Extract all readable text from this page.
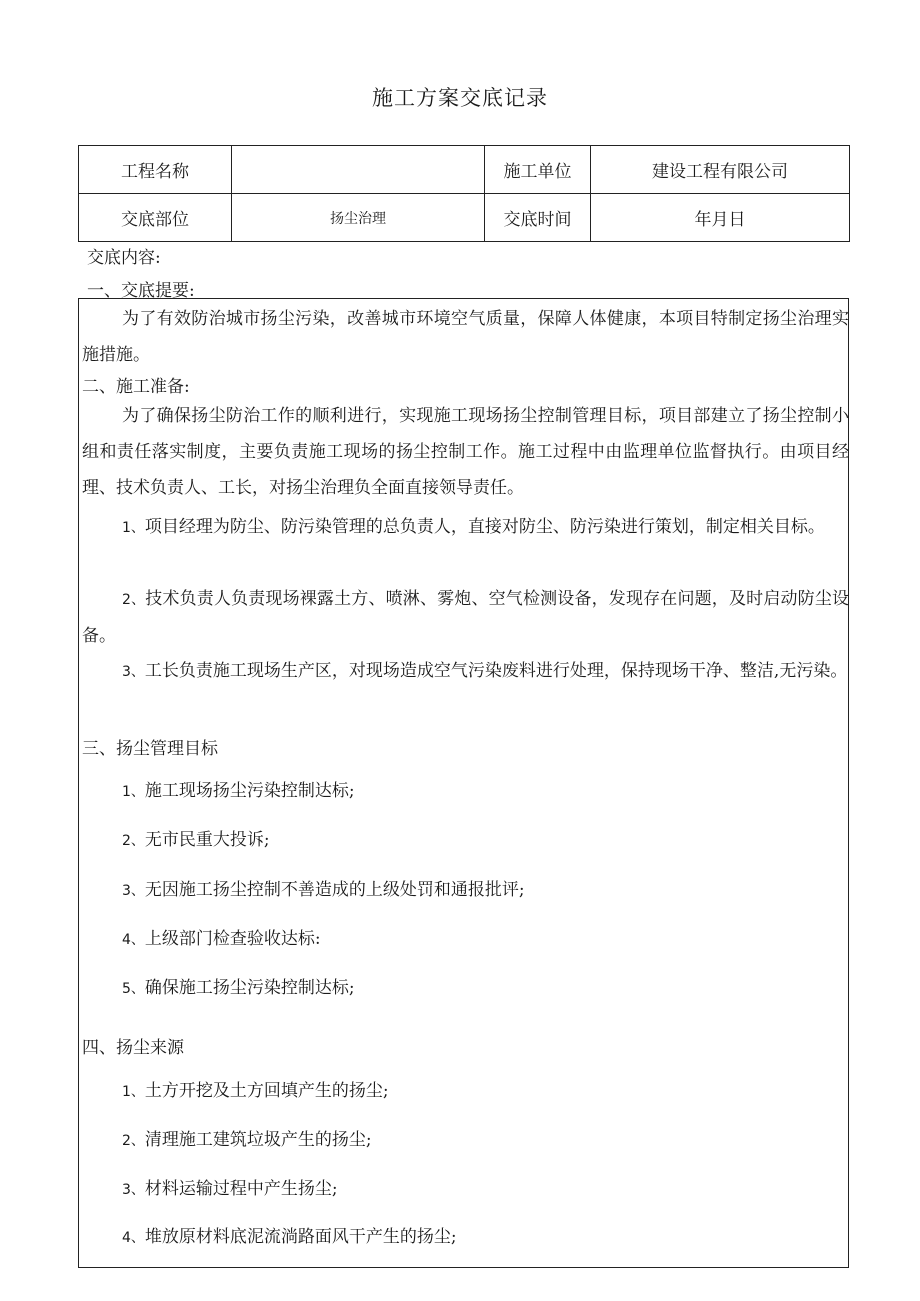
施工方案交底记录
工程名称		施工单位	建设工程有限公司
交底部位	扬尘治理	交底时间	年月日
交底内容:
一、交底提要:
为了有效防治城市扬尘污染，改善城市环境空气质量，保障人体健康，本项目特制定扬尘治理实施措施。
二、施工准备:
为了确保扬尘防治工作的顺利进行，实现施工现场扬尘控制管理目标，项目部建立了扬尘控制小组和责任落实制度，主要负责施工现场的扬尘控制工作。施工过程中由监理单位监督执行。由项目经理、技术负责人、工长，对扬尘治理负全面直接领导责任。
1、项目经理为防尘、防污染管理的总负责人，直接对防尘、防污染进行策划，制定相关目标。
2、技术负责人负责现场裸露土方、喷淋、雾炮、空气检测设备，发现存在问题，及时启动防尘设备。
3、工长负责施工现场生产区，对现场造成空气污染废料进行处理，保持现场干净、整洁,无污染。
三、扬尘管理目标
1、施工现场扬尘污染控制达标;
2、无市民重大投诉;
3、无因施工扬尘控制不善造成的上级处罚和通报批评;
4、上级部门检查验收达标:
5、确保施工扬尘污染控制达标;
四、扬尘来源
1、土方开挖及土方回填产生的扬尘;
2、清理施工建筑垃圾产生的扬尘;
3、材料运输过程中产生扬尘;
4、堆放原材料底泥流淌路面风干产生的扬尘;
